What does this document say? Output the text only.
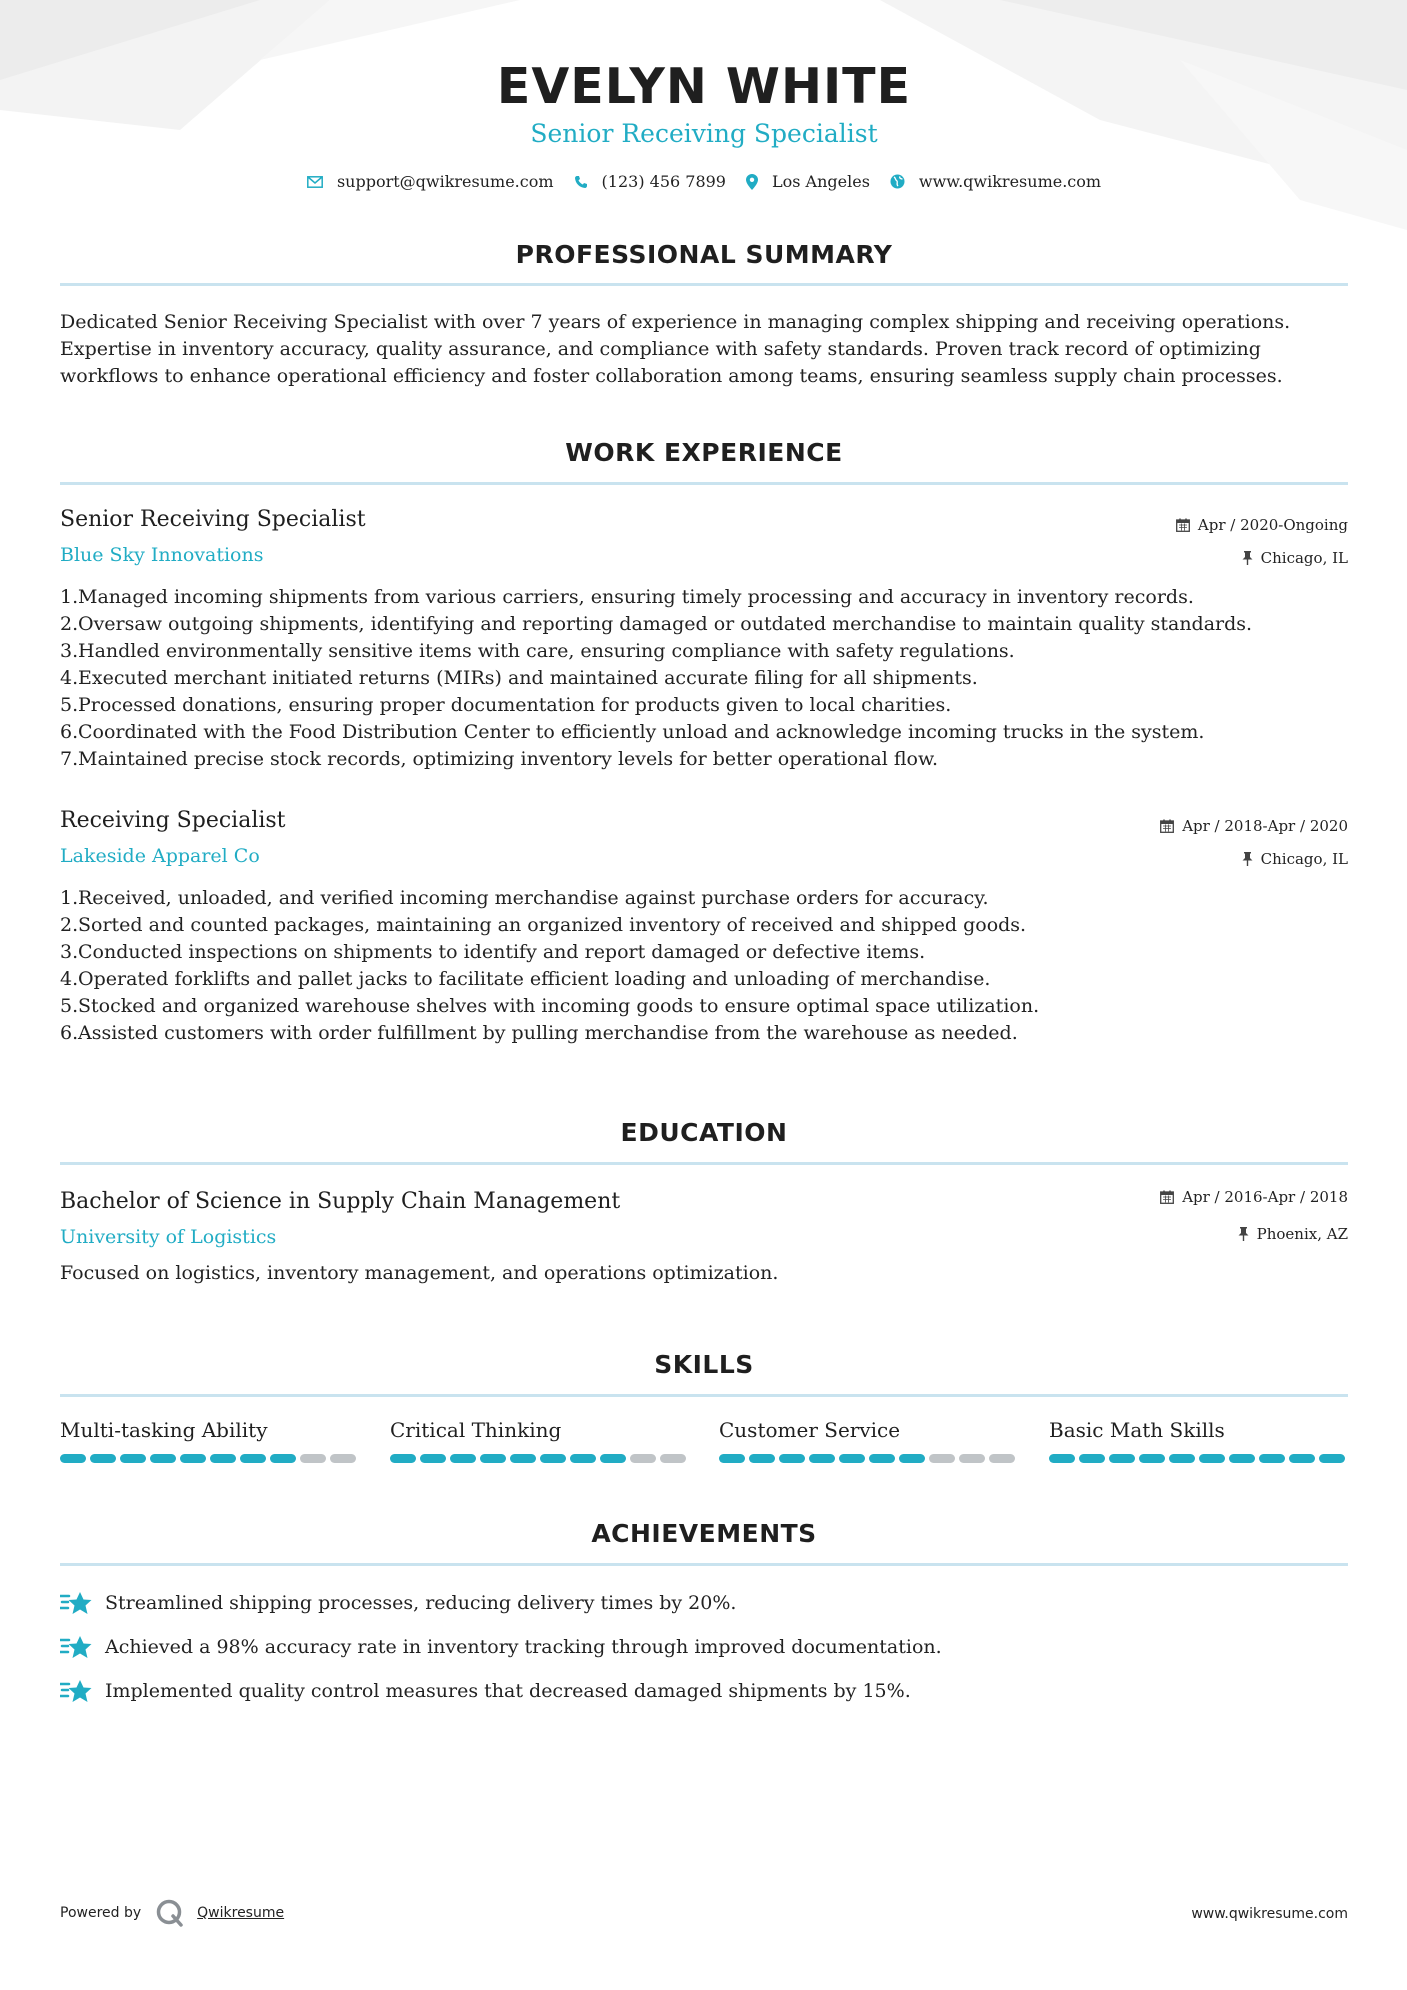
EVELYN WHITE
Senior Receiving Specialist
support@qwikresume.com	(123) 456 7899	Los Angeles	www.qwikresume.com
PROFESSIONAL SUMMARY

Dedicated Senior Receiving Specialist with over 7 years of experience in managing complex shipping and receiving operations. Expertise in inventory accuracy, quality assurance, and compliance with safety standards. Proven track record of optimizing workflows to enhance operational efficiency and foster collaboration among teams, ensuring seamless supply chain processes.

WORK EXPERIENCE
Senior Receiving Specialist
Blue Sky Innovations
Apr / 2020-Ongoing
Chicago, IL
1.Managed incoming shipments from various carriers, ensuring timely processing and accuracy in inventory records.
2.Oversaw outgoing shipments, identifying and reporting damaged or outdated merchandise to maintain quality standards.
3.Handled environmentally sensitive items with care, ensuring compliance with safety regulations.
4.Executed merchant initiated returns (MIRs) and maintained accurate filing for all shipments.
5.Processed donations, ensuring proper documentation for products given to local charities.
6.Coordinated with the Food Distribution Center to efficiently unload and acknowledge incoming trucks in the system.
7.Maintained precise stock records, optimizing inventory levels for better operational flow.
Receiving Specialist
Lakeside Apparel Co
Apr / 2018-Apr / 2020
Chicago, IL
1.Received, unloaded, and verified incoming merchandise against purchase orders for accuracy.
2.Sorted and counted packages, maintaining an organized inventory of received and shipped goods.
3.Conducted inspections on shipments to identify and report damaged or defective items.
4.Operated forklifts and pallet jacks to facilitate efficient loading and unloading of merchandise.
5.Stocked and organized warehouse shelves with incoming goods to ensure optimal space utilization.
6.Assisted customers with order fulfillment by pulling merchandise from the warehouse as needed.
EDUCATION
Bachelor of Science in Supply Chain Management
University of Logistics
Apr / 2016-Apr / 2018
Phoenix, AZ

Focused on logistics, inventory management, and operations optimization.

SKILLS
Multi-tasking Ability	Critical Thinking	Customer Service	Basic Math Skills
ACHIEVEMENTS
Streamlined shipping processes, reducing delivery times by 20%.
Achieved a 98% accuracy rate in inventory tracking through improved documentation.
Implemented quality control measures that decreased damaged shipments by 15%.
Powered by	Qwikresume	www.qwikresume.com
